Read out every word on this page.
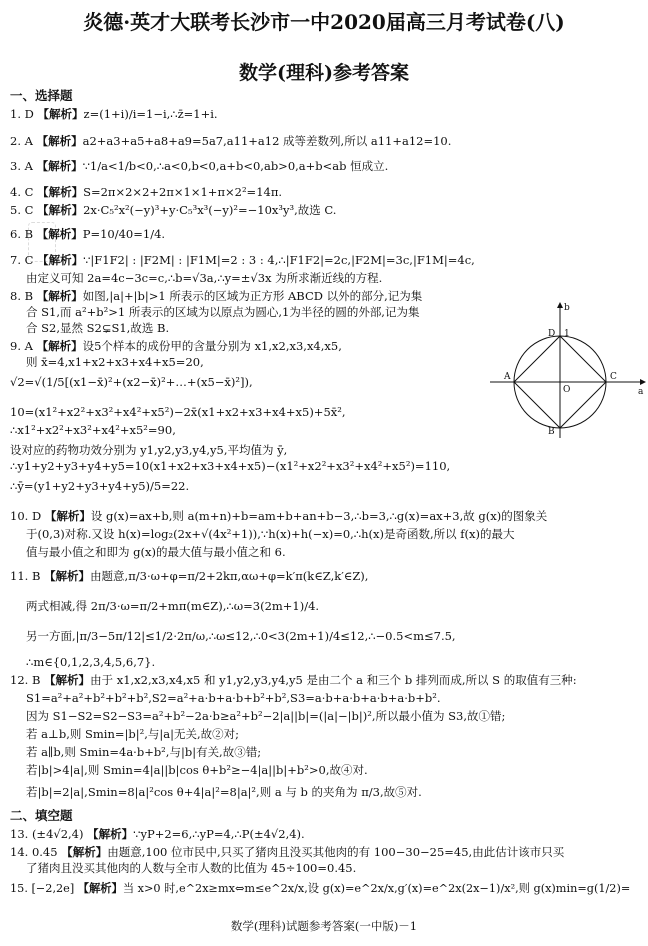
炎德·英才大联考长沙市一中2020届高三月考试卷(八)
数学(理科)参考答案
一、选择题
1. D 【解析】z=(1+i)/i=1−i,∴z̄=1+i.
2. A 【解析】a2+a3+a5+a8+a9=5a7,a11+a12 成等差数列,所以 a11+a12=10.
3. A 【解析】∵1/a<1/b<0,∴a<0,b<0,a+b<0,ab>0,a+b<ab 恒成立.
4. C 【解析】S=2π×2×2+2π×1×1+π×2²=14π.
5. C 【解析】2x·C₅²x²(−y)³+y·C₅³x³(−y)²=−10x³y³,故选 C.
6. B 【解析】P=10/40=1/4.
7. C 【解析】∵|F1F2| : |F2M| : |F1M|=2 : 3 : 4,∴|F1F2|=2c,|F2M|=3c,|F1M|=4c,
由定义可知 2a=4c−3c=c,∴b=√3a,∴y=±√3x 为所求渐近线的方程.
8. B 【解析】如图,|a|+|b|>1 所表示的区域为正方形 ABCD 以外的部分,记为集
合 S1,而 a²+b²>1 所表示的区域为以原点为圆心,1为半径的圆的外部,记为集
合 S2,显然 S2⊊S1,故选 B.
9. A 【解析】设5个样本的成份甲的含量分别为 x1,x2,x3,x4,x5,
则 x̄=4,x1+x2+x3+x4+x5=20,
√2=√(1/5[(x1−x̄)²+(x2−x̄)²+…+(x5−x̄)²]),
10=(x1²+x2²+x3²+x4²+x5²)−2x̄(x1+x2+x3+x4+x5)+5x̄²,
∴x1²+x2²+x3²+x4²+x5²=90,
设对应的药物功效分别为 y1,y2,y3,y4,y5,平均值为 ȳ,
∴y1+y2+y3+y4+y5=10(x1+x2+x3+x4+x5)−(x1²+x2²+x3²+x4²+x5²)=110,
∴ȳ=(y1+y2+y3+y4+y5)/5=22.
10. D 【解析】设 g(x)=ax+b,则 a(m+n)+b=am+b+an+b−3,∴b=3,∴g(x)=ax+3,故 g(x)的图象关
于(0,3)对称.又设 h(x)=log₂(2x+√(4x²+1)),∵h(x)+h(−x)=0,∴h(x)是奇函数,所以 f(x)的最大
值与最小值之和即为 g(x)的最大值与最小值之和 6.
11. B 【解析】由题意,π/3·ω+φ=π/2+2kπ,αω+φ=k′π(k∈Z,k′∈Z),
两式相减,得 2π/3·ω=π/2+mπ(m∈Z),∴ω=3(2m+1)/4.
另一方面,|π/3−5π/12|≤1/2·2π/ω,∴ω≤12,∴0<3(2m+1)/4≤12,∴−0.5<m≤7.5,
∴m∈{0,1,2,3,4,5,6,7}.
12. B 【解析】由于 x1,x2,x3,x4,x5 和 y1,y2,y3,y4,y5 是由二个 a 和三个 b 排列而成,所以 S 的取值有三种:
S1=a²+a²+b²+b²+b²,S2=a²+a·b+a·b+b²+b²,S3=a·b+a·b+a·b+a·b+b².
因为 S1−S2=S2−S3=a²+b²−2a·b≥a²+b²−2|a||b|=(|a|−|b|)²,所以最小值为 S3,故①错;
若 a⊥b,则 Smin=|b|²,与|a|无关,故②对;
若 a∥b,则 Smin=4a·b+b²,与|b|有关,故③错;
若|b|>4|a|,则 Smin=4|a||b|cos θ+b²≥−4|a||b|+b²>0,故④对.
若|b|=2|a|,Smin=8|a|²cos θ+4|a|²=8|a|²,则 a 与 b 的夹角为 π/3,故⑤对.
二、填空题
13. (±4√2,4) 【解析】∵yP+2=6,∴yP=4,∴P(±4√2,4).
14. 0.45 【解析】由题意,100 位市民中,只买了猪肉且没买其他肉的有 100−30−25=45,由此估计该市只买
了猪肉且没买其他肉的人数与全市人数的比值为 45÷100=0.45.
15. [−2,2e] 【解析】当 x>0 时,e^2x≥mx⇔m≤e^2x/x,设 g(x)=e^2x/x,g′(x)=e^2x(2x−1)/x²,则 g(x)min=g(1/2)=
D
A
O
C
B
b
a
1
数学(理科)试题参考答案(一中版)－1
